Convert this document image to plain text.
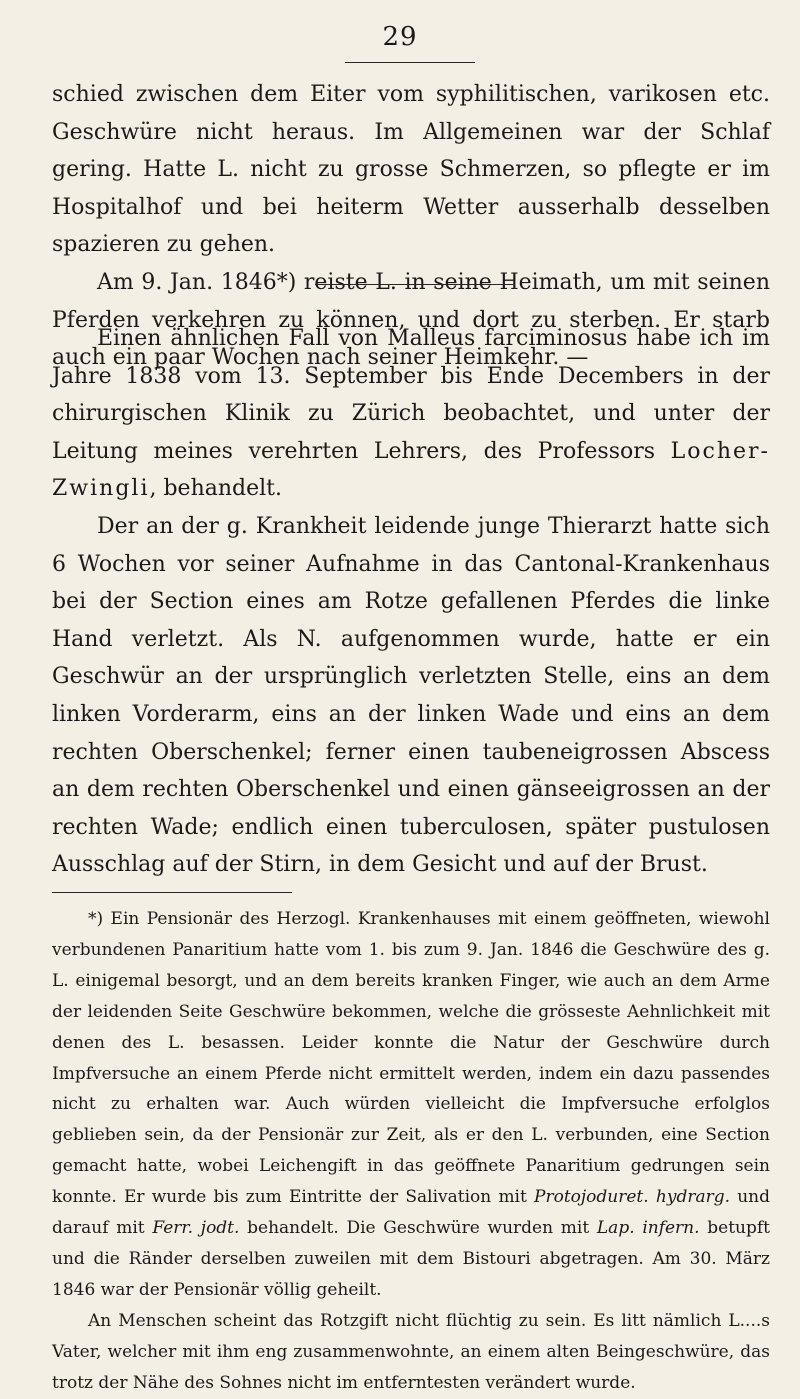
29

schied zwischen dem Eiter vom syphilitischen, varikosen etc. Geschwüre nicht heraus. Im Allgemeinen war der Schlaf gering. Hatte L. nicht zu grosse Schmerzen, so pflegte er im Hospitalhof und bei heiterm Wetter ausserhalb desselben spazieren zu gehen.

Am 9. Jan. 1846*) reiste L. in seine Heimath, um mit seinen Pferden verkehren zu können, und dort zu sterben. Er starb auch ein paar Wochen nach seiner Heimkehr. —

Einen ähnlichen Fall von Malleus farciminosus habe ich im Jahre 1838 vom 13. September bis Ende Decembers in der chirurgischen Klinik zu Zürich beobachtet, und unter der Leitung meines verehrten Lehrers, des Professors Locher-Zwingli, behandelt.

Der an der g. Krankheit leidende junge Thierarzt hatte sich 6 Wochen vor seiner Aufnahme in das Cantonal-Krankenhaus bei der Section eines am Rotze gefallenen Pferdes die linke Hand verletzt. Als N. aufgenommen wurde, hatte er ein Geschwür an der ursprünglich verletzten Stelle, eins an dem linken Vorderarm, eins an der linken Wade und eins an dem rechten Oberschenkel; ferner einen taubeneigrossen Abscess an dem rechten Oberschenkel und einen gänseeigrossen an der rechten Wade; endlich einen tuberculosen, später pustulosen Ausschlag auf der Stirn, in dem Gesicht und auf der Brust.

*) Ein Pensionär des Herzogl. Krankenhauses mit einem geöffneten, wiewohl verbundenen Panaritium hatte vom 1. bis zum 9. Jan. 1846 die Geschwüre des g. L. einigemal besorgt, und an dem bereits kranken Finger, wie auch an dem Arme der leidenden Seite Geschwüre bekommen, welche die grösseste Aehnlichkeit mit denen des L. besassen. Leider konnte die Natur der Geschwüre durch Impfversuche an einem Pferde nicht ermittelt werden, indem ein dazu passendes nicht zu erhalten war. Auch würden vielleicht die Impfversuche erfolglos geblieben sein, da der Pensionär zur Zeit, als er den L. verbunden, eine Section gemacht hatte, wobei Leichengift in das geöffnete Panaritium gedrungen sein konnte. Er wurde bis zum Eintritte der Salivation mit Protojoduret. hydrarg. und darauf mit Ferr. jodt. behandelt. Die Geschwüre wurden mit Lap. infern. betupft und die Ränder derselben zuweilen mit dem Bistouri abgetragen. Am 30. März 1846 war der Pensionär völlig geheilt.

An Menschen scheint das Rotzgift nicht flüchtig zu sein. Es litt nämlich L....s Vater, welcher mit ihm eng zusammenwohnte, an einem alten Beingeschwüre, das trotz der Nähe des Sohnes nicht im entferntesten verändert wurde.
